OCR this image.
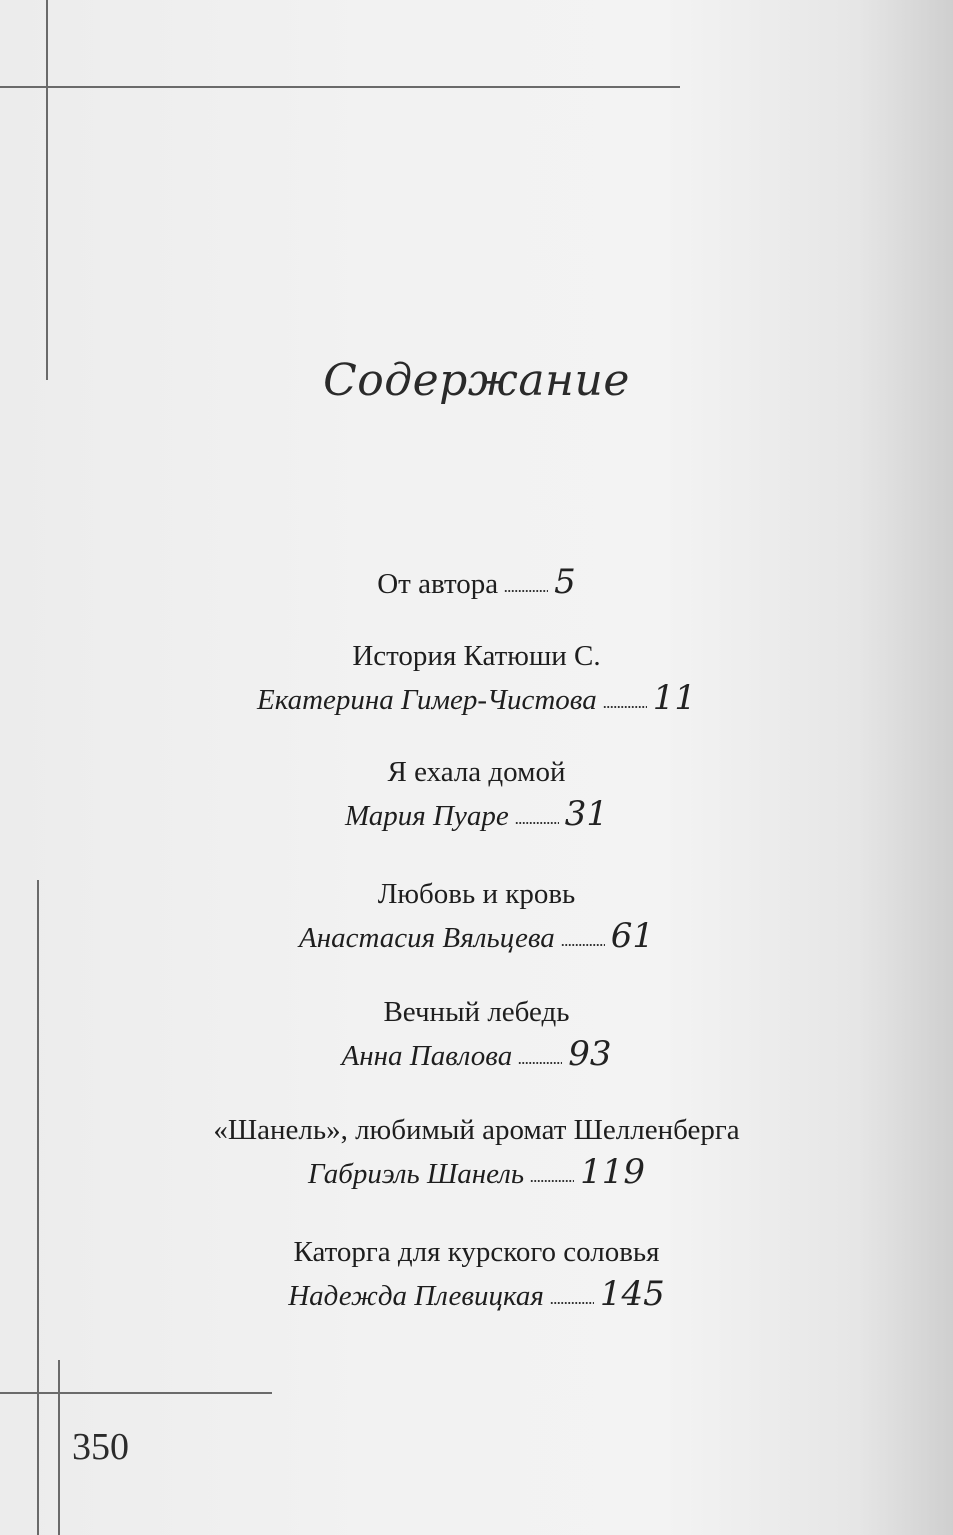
Содержание
От автора 5
История Катюши С.
Екатерина Гимер-Чистова 11
Я ехала домой
Мария Пуаре 31
Любовь и кровь
Анастасия Вяльцева 61
Вечный лебедь
Анна Павлова 93
«Шанель», любимый аромат Шелленберга
Габриэль Шанель 119
Каторга для курского соловья
Надежда Плевицкая 145
350
